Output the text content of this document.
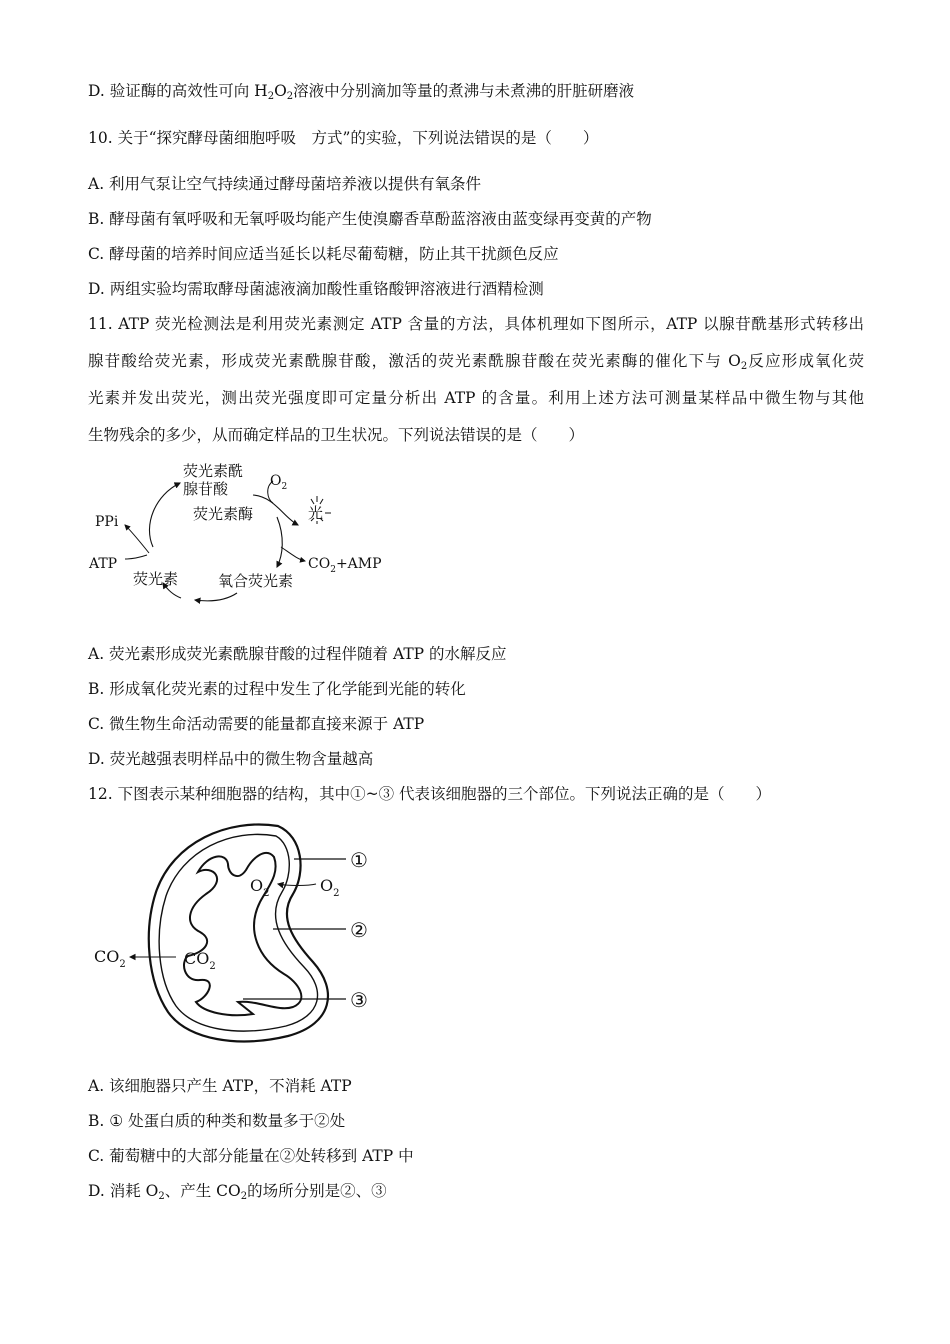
D. 验证酶的高效性可向 $H_2O_2$溶液中分别滴加等量的煮沸与未煮沸的肝脏研磨液
10. 关于“探究酵母菌细胞呼吸　方式”的实验，下列说法错误的是（　　）
A. 利用气泵让空气持续通过酵母菌培养液以提供有氧条件
B. 酵母菌有氧呼吸和无氧呼吸均能产生使溴麝香草酚蓝溶液由蓝变绿再变黄的产物
C. 酵母菌的培养时间应适当延长以耗尽葡萄糖，防止其干扰颜色反应
D. 两组实验均需取酵母菌滤液滴加酸性重铬酸钾溶液进行酒精检测
11. ATP 荧光检测法是利用荧光素测定 ATP 含量的方法，具体机理如下图所示，ATP 以腺苷酰基形式转移出
腺苷酸给荧光素，形成荧光素酰腺苷酸，激活的荧光素酰腺苷酸在荧光素酶的催化下与 $O_2$反应形成氧化荧
光素并发出荧光，测出荧光强度即可定量分析出 ATP 的含量。利用上述方法可测量某样品中微生物与其他
生物残余的多少，从而确定样品的卫生状况。下列说法错误的是（　　）
荧光素酰
腺苷酸	$O_2$
PPi	荧光素酶	光
ATP	$CO_2+AMP$
荧光素	氧合荧光素
A. 荧光素形成荧光素酰腺苷酸的过程伴随着 ATP 的水解反应
B. 形成氧化荧光素的过程中发生了化学能到光能的转化
C. 微生物生命活动需要的能量都直接来源于 ATP
D. 荧光越强表明样品中的微生物含量越高
12. 下图表示某种细胞器的结构，其中①~③ 代表该细胞器的三个部位。下列说法正确的是（　　）
①
②
③
$O_2$	$O_2$
$CO_2$	$CO_2$
A. 该细胞器只产生 ATP，不消耗 ATP
B. ① 处蛋白质的种类和数量多于②处
C. 葡萄糖中的大部分能量在②处转移到 ATP 中
D. 消耗 $O_2$、产生 $CO_2$的场所分别是②、③
